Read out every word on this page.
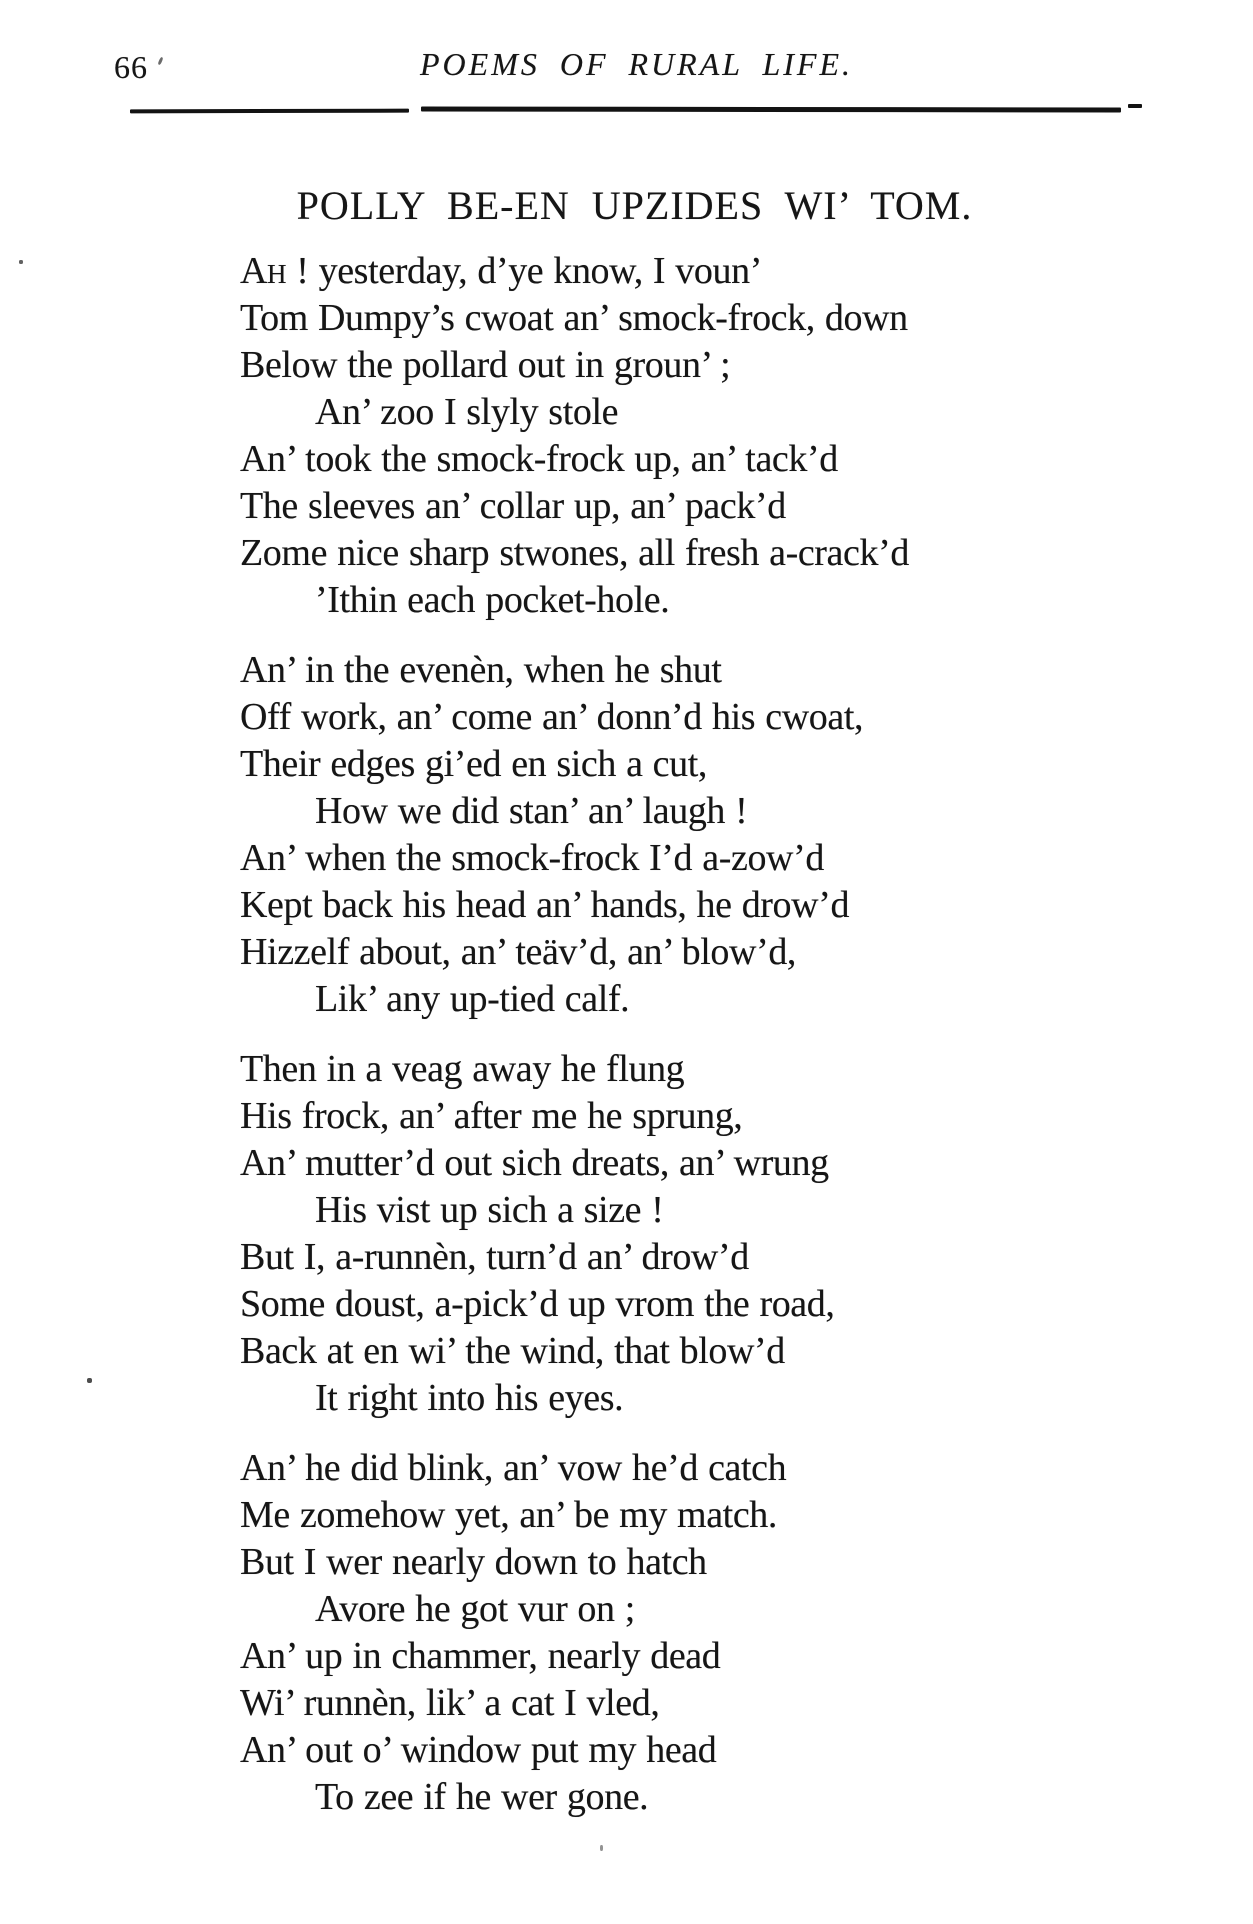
66	POEMS OF RURAL LIFE.
POLLY BE-EN UPZIDES WI’ TOM.
Ah ! yesterday, d’ye know, I voun’
Tom Dumpy’s cwoat an’ smock-frock, down
Below the pollard out in groun’ ;
An’ zoo I slyly stole
An’ took the smock-frock up, an’ tack’d
The sleeves an’ collar up, an’ pack’d
Zome nice sharp stwones, all fresh a-crack’d
’Ithin each pocket-hole.
An’ in the evenèn, when he shut
Off work, an’ come an’ donn’d his cwoat,
Their edges gi’ed en sich a cut,
How we did stan’ an’ laugh !
An’ when the smock-frock I’d a-zow’d
Kept back his head an’ hands, he drow’d
Hizzelf about, an’ teäv’d, an’ blow’d,
Lik’ any up-tied calf.
Then in a veag away he flung
His frock, an’ after me he sprung,
An’ mutter’d out sich dreats, an’ wrung
His vist up sich a size !
But I, a-runnèn, turn’d an’ drow’d
Some doust, a-pick’d up vrom the road,
Back at en wi’ the wind, that blow’d
It right into his eyes.
An’ he did blink, an’ vow he’d catch
Me zomehow yet, an’ be my match.
But I wer nearly down to hatch
Avore he got vur on ;
An’ up in chammer, nearly dead
Wi’ runnèn, lik’ a cat I vled,
An’ out o’ window put my head
To zee if he wer gone.
